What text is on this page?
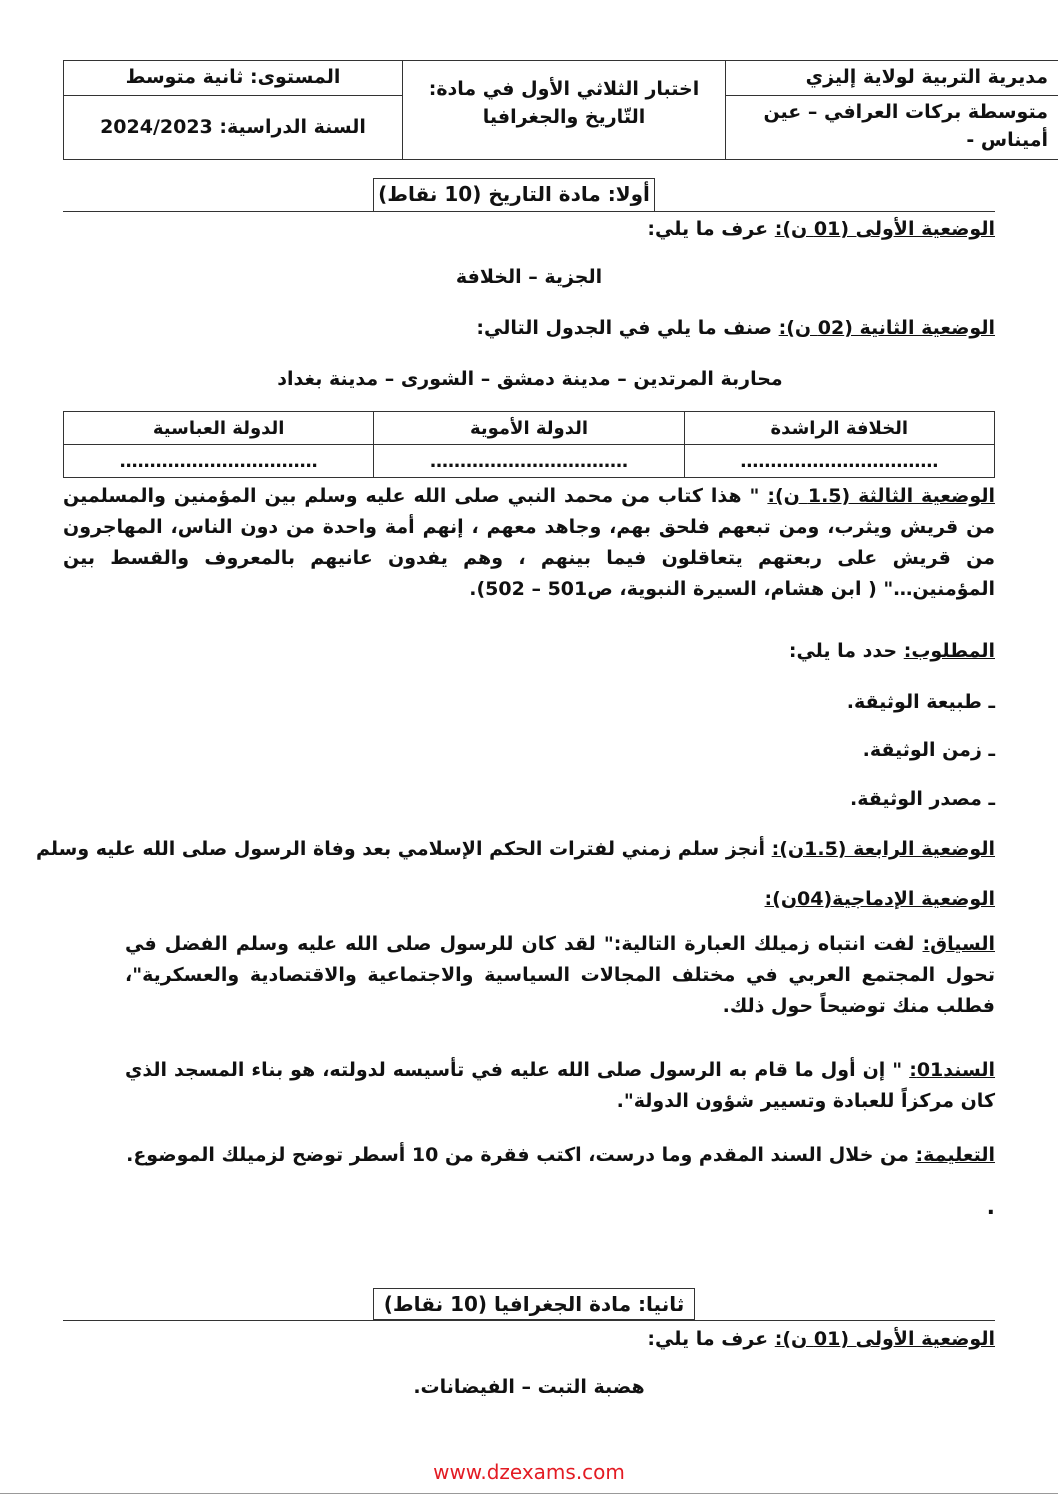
مديرية التربية لولاية إليزي	اختبار الثلاثي الأول في مادة:
التّاريخ والجغرافيا	المستوى: ثانية متوسط

متوسطة بركات العرافي – عين أميناس -		السنة الدراسية: 2024/2023
أولا: مادة التاريخ (10 نقاط)
الوضعية الأولى (01 ن): عرف ما يلي:
الجزية – الخلافة
الوضعية الثانية (02 ن): صنف ما يلي في الجدول التالي:
محاربة المرتدين – مدينة دمشق – الشورى – مدينة بغداد
الخلافة الراشدة	الدولة الأموية	الدولة العباسية
……………………………	……………………………	……………………………
الوضعية الثالثة (1.5 ن): " هذا كتاب من محمد النبي صلى الله عليه وسلم بين المؤمنين والمسلمين من قريش ويثرب، ومن تبعهم فلحق بهم، وجاهد معهم ، إنهم أمة واحدة من دون الناس، المهاجرون من قريش على ربعتهم يتعاقلون فيما بينهم ، وهم يفدون عانيهم بالمعروف والقسط بين المؤمنين…" ( ابن هشام، السيرة النبوية، ص501 – 502).
المطلوب: حدد ما يلي:
ـ طبيعة الوثيقة.
ـ زمن الوثيقة.
ـ مصدر الوثيقة.
الوضعية الرابعة (1.5ن): أنجز سلم زمني لفترات الحكم الإسلامي بعد وفاة الرسول صلى الله عليه وسلم
الوضعية الإدماجية(04ن):
السياق: لفت انتباه زميلك العبارة التالية:" لقد كان للرسول صلى الله عليه وسلم الفضل في تحول المجتمع العربي في مختلف المجالات السياسية والاجتماعية والاقتصادية والعسكرية"، فطلب منك توضيحاً حول ذلك.
السند01: " إن أول ما قام به الرسول صلى الله عليه في تأسيسه لدولته، هو بناء المسجد الذي كان مركزاً للعبادة وتسيير شؤون الدولة".
التعليمة: من خلال السند المقدم وما درست، اكتب فقرة من 10 أسطر توضح لزميلك الموضوع.
.
ثانيا: مادة الجغرافيا (10 نقاط)
الوضعية الأولى (01 ن): عرف ما يلي:
هضبة التبت – الفيضانات.
www.dzexams.com
